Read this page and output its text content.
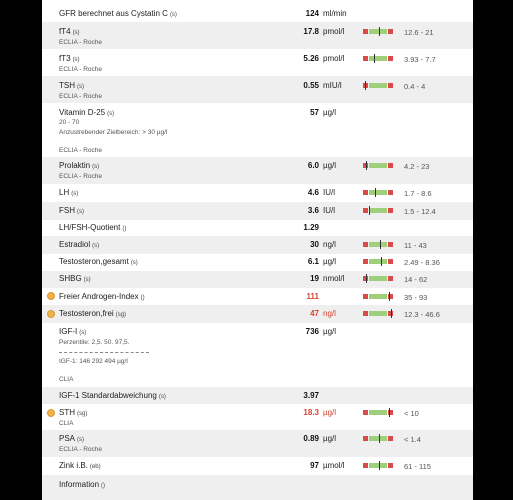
GFR berechnet aus Cystatin C (s)	124 ml/min
fT4 (s)
ECLIA - Roche
17.8 pmol/l	12.6 - 21
fT3 (s)
ECLIA - Roche
5.26 pmol/l	3.93 - 7.7
TSH (s)
ECLIA - Roche
0.55 mIU/l	0.4 - 4
Vitamin D-25 (s)
20 - 70
Anzustrebender Zielbereich: > 30 µg/l
ECLIA - Roche
57 µg/l
Prolaktin (s)
ECLIA - Roche
6.0 µg/l	4.2 - 23
LH (s)	4.6 IU/l	1.7 - 8.6
FSH (s)	3.6 IU/l	1.5 - 12.4
LH/FSH-Quotient ()	1.29
Estradiol (s)	30 ng/l	11 - 43
Testosteron,gesamt (s)	6.1 µg/l	2.49 - 8.36
SHBG (s)	19 nmol/l	14 - 62
Freier Androgen-Index ()	111	35 - 93
Testosteron,frei (sg)	47 ng/l	12.3 - 46.6
IGF-I (s)
Perzentile: 2,5. 50. 97,5.
IGF-1: 146 292 494 µg/l
CLIA
736 µg/l
IGF-1 Standardabweichung (s)	3.97
STH (sg)
CLIA
18.3 µg/l	< 10
PSA (s)
ECLIA - Roche
0.89 µg/l	< 1.4
Zink i.B. (eb)	97 µmol/l	61 - 115
Information ()
